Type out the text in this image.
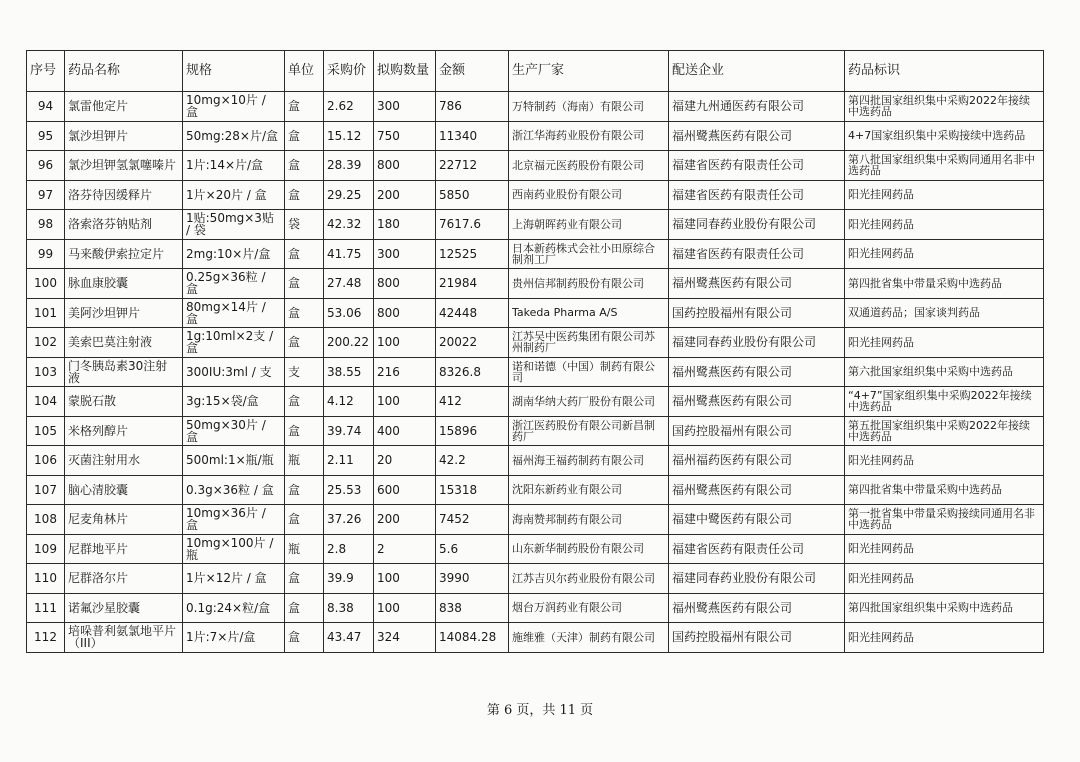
序号	药品名称	规格	单位	采购价	拟购数量	金额	生产厂家	配送企业	药品标识
94	氯雷他定片	10mg×10片 / 盒	盒	2.62	300	786	万特制药（海南）有限公司	福建九州通医药有限公司	第四批国家组织集中采购2022年接续中选药品
95	氯沙坦钾片	50mg:28×片/盒	盒	15.12	750	11340	浙江华海药业股份有限公司	福州鹭燕医药有限公司	4+7国家组织集中采购接续中选药品
96	氯沙坦钾氢氯噻嗪片	1片:14×片/盒	盒	28.39	800	22712	北京福元医药股份有限公司	福建省医药有限责任公司	第八批国家组织集中采购同通用名非中选药品
97	洛芬待因缓释片	1片×20片 / 盒	盒	29.25	200	5850	西南药业股份有限公司	福建省医药有限责任公司	阳光挂网药品
98	洛索洛芬钠贴剂	1贴:50mg×3贴 / 袋	袋	42.32	180	7617.6	上海朝晖药业有限公司	福建同春药业股份有限公司	阳光挂网药品
99	马来酸伊索拉定片	2mg:10×片/盒	盒	41.75	300	12525	日本新药株式会社小田原综合制剂工厂	福建省医药有限责任公司	阳光挂网药品
100	脉血康胶囊	0.25g×36粒 / 盒	盒	27.48	800	21984	贵州信邦制药股份有限公司	福州鹭燕医药有限公司	第四批省集中带量采购中选药品
101	美阿沙坦钾片	80mg×14片 / 盒	盒	53.06	800	42448	Takeda Pharma A/S	国药控股福州有限公司	双通道药品；国家谈判药品
102	美索巴莫注射液	1g:10ml×2支 / 盒	盒	200.22	100	20022	江苏吴中医药集团有限公司苏州制药厂	福建同春药业股份有限公司	阳光挂网药品
103	门冬胰岛素30注射液	300IU:3ml / 支	支	38.55	216	8326.8	诺和诺德（中国）制药有限公司	福州鹭燕医药有限公司	第六批国家组织集中采购中选药品
104	蒙脱石散	3g:15×袋/盒	盒	4.12	100	412	湖南华纳大药厂股份有限公司	福州鹭燕医药有限公司	“4+7”国家组织集中采购2022年接续中选药品
105	米格列醇片	50mg×30片 / 盒	盒	39.74	400	15896	浙江医药股份有限公司新昌制药厂	国药控股福州有限公司	第五批国家组织集中采购2022年接续中选药品
106	灭菌注射用水	500ml:1×瓶/瓶	瓶	2.11	20	42.2	福州海王福药制药有限公司	福州福药医药有限公司	阳光挂网药品
107	脑心清胶囊	0.3g×36粒 / 盒	盒	25.53	600	15318	沈阳东新药业有限公司	福州鹭燕医药有限公司	第四批省集中带量采购中选药品
108	尼麦角林片	10mg×36片 / 盒	盒	37.26	200	7452	海南赞邦制药有限公司	福建中鹭医药有限公司	第一批省集中带量采购接续同通用名非中选药品
109	尼群地平片	10mg×100片 / 瓶	瓶	2.8	2	5.6	山东新华制药股份有限公司	福建省医药有限责任公司	阳光挂网药品
110	尼群洛尔片	1片×12片 / 盒	盒	39.9	100	3990	江苏吉贝尔药业股份有限公司	福建同春药业股份有限公司	阳光挂网药品
111	诺氟沙星胶囊	0.1g:24×粒/盒	盒	8.38	100	838	烟台万润药业有限公司	福州鹭燕医药有限公司	第四批国家组织集中采购中选药品
112	培哚普利氨氯地平片（III）	1片:7×片/盒	盒	43.47	324	14084.28	施维雅（天津）制药有限公司	国药控股福州有限公司	阳光挂网药品
第 6 页，共 11 页
